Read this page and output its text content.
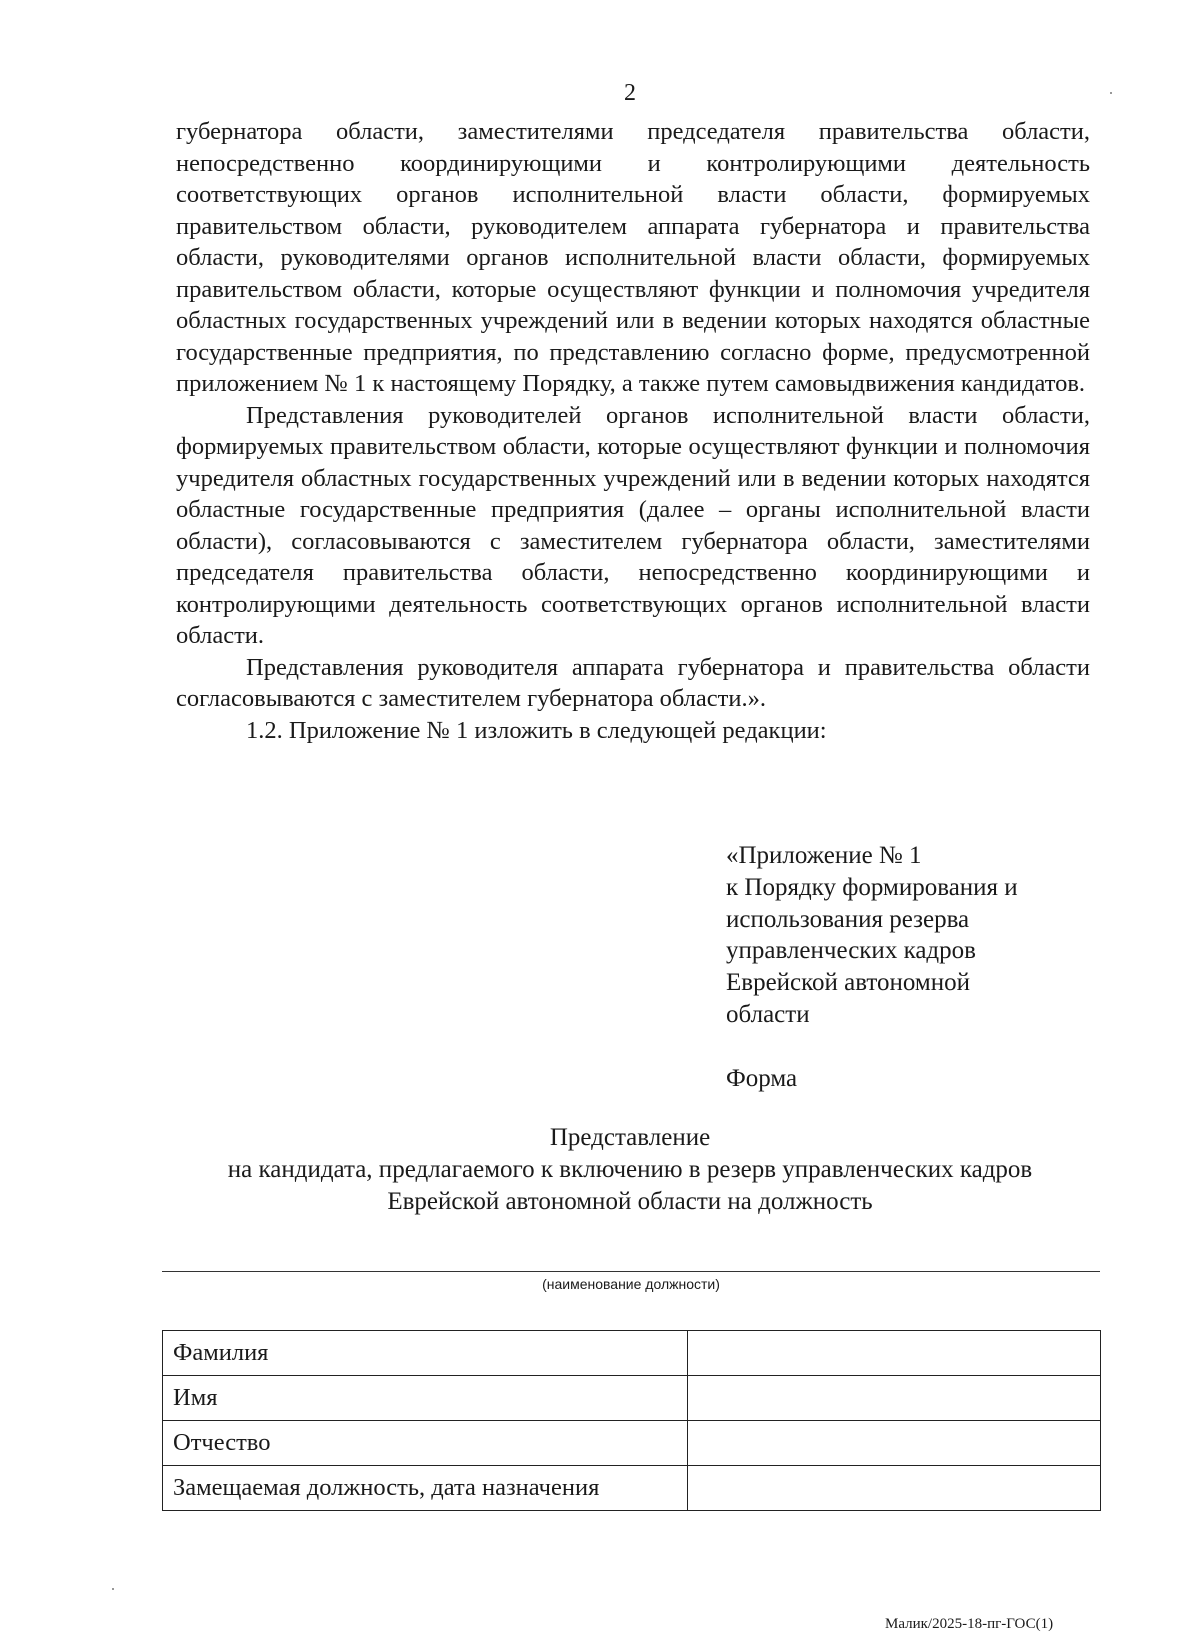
2

губернатора области, заместителями председателя правительства области, непосредственно координирующими и контролирующими деятельность соответствующих органов исполнительной власти области, формируемых правительством области, руководителем аппарата губернатора и правительства области, руководителями органов исполнительной власти области, формируемых правительством области, которые осуществляют функции и полномочия учредителя областных государственных учреждений или в ведении которых находятся областные государственные предприятия, по представлению согласно форме, предусмотренной приложением № 1 к настоящему Порядку, а также путем самовыдвижения кандидатов.

Представления руководителей органов исполнительной власти области, формируемых правительством области, которые осуществляют функции и полномочия учредителя областных государственных учреждений или в ведении которых находятся областные государственные предприятия (далее – органы исполнительной власти области), согласовываются с заместителем губернатора области, заместителями председателя правительства области, непосредственно координирующими и контролирующими деятельность соответствующих органов исполнительной власти области.

Представления руководителя аппарата губернатора и правительства области согласовываются с заместителем губернатора области.».

1.2. Приложение № 1 изложить в следующей редакции:

«Приложение № 1
к Порядку формирования и
использования резерва
управленческих кадров
Еврейской автономной
области
Форма
Представление
на кандидата, предлагаемого к включению в резерв управленческих кадров
Еврейской автономной области на должность
(наименование должности)
Фамилия	
Имя	
Отчество	
Замещаемая должность, дата назначения	
Малик/2025-18-пг-ГОС(1)
